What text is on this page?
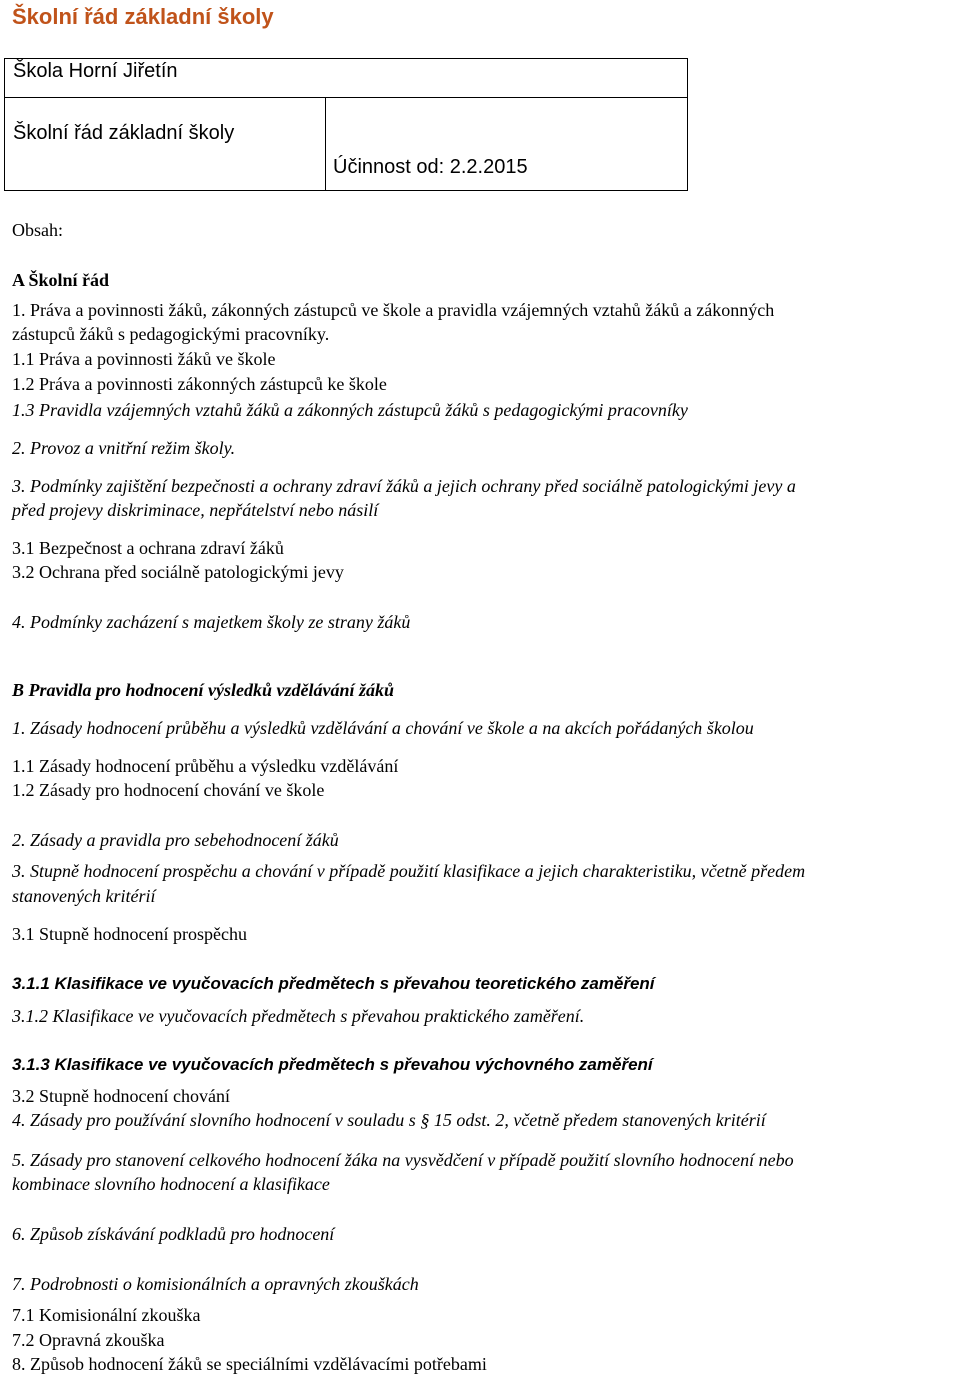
Školní řád základní školy
Škola Horní Jiřetín
Školní řád základní školy
Účinnost od: 2.2.2015
Obsah:
A Školní řád
1. Práva a povinnosti žáků, zákonných zástupců ve škole a pravidla vzájemných vztahů žáků a zákonných
zástupců žáků s pedagogickými pracovníky.
1.1 Práva a povinnosti žáků ve škole
1.2 Práva a povinnosti zákonných zástupců ke škole
1.3 Pravidla vzájemných vztahů žáků a zákonných zástupců žáků s pedagogickými pracovníky
2. Provoz a vnitřní režim školy.
3. Podmínky zajištění bezpečnosti a ochrany zdraví žáků a jejich ochrany před sociálně patologickými jevy a
před projevy diskriminace, nepřátelství nebo násilí
3.1 Bezpečnost a ochrana zdraví žáků
3.2 Ochrana před sociálně patologickými jevy
4. Podmínky zacházení s majetkem školy ze strany žáků
B Pravidla pro hodnocení výsledků vzdělávání žáků
1. Zásady hodnocení průběhu a výsledků vzdělávání a chování ve škole a na akcích pořádaných školou
1.1 Zásady hodnocení průběhu a výsledku vzdělávání
1.2 Zásady pro hodnocení chování ve škole
2. Zásady a pravidla pro sebehodnocení žáků
3. Stupně hodnocení prospěchu a chování v případě použití klasifikace a jejich charakteristiku, včetně předem
stanovených kritérií
3.1 Stupně hodnocení prospěchu
3.1.1 Klasifikace ve vyučovacích předmětech s převahou teoretického zaměření
3.1.2 Klasifikace ve vyučovacích předmětech s převahou praktického zaměření.
3.1.3 Klasifikace ve vyučovacích předmětech s převahou výchovného zaměření
3.2 Stupně hodnocení chování
4. Zásady pro používání slovního hodnocení v souladu s § 15 odst. 2, včetně předem stanovených kritérií
5. Zásady pro stanovení celkového hodnocení žáka na vysvědčení v případě použití slovního hodnocení nebo
kombinace slovního hodnocení a klasifikace
6. Způsob získávání podkladů pro hodnocení
7. Podrobnosti o komisionálních a opravných zkouškách
7.1 Komisionální zkouška
7.2 Opravná zkouška
8. Způsob hodnocení žáků se speciálními vzdělávacími potřebami
